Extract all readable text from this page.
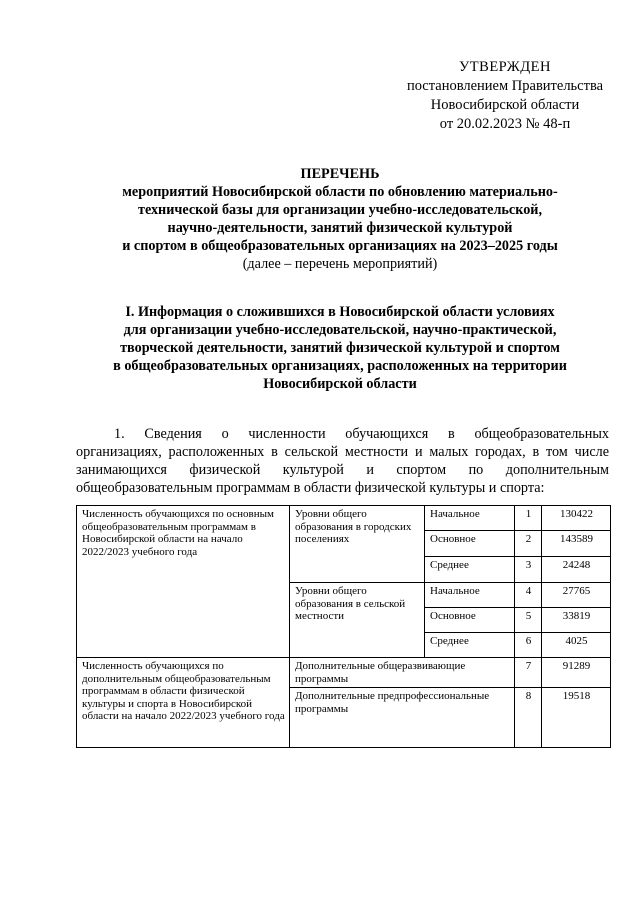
УТВЕРЖДЕН
постановлением Правительства
Новосибирской области
от 20.02.2023 № 48-п
ПЕРЕЧЕНЬ
мероприятий Новосибирской области по обновлению материально-
технической базы для организации учебно-исследовательской,
научно-деятельности, занятий физической культурой
и спортом в общеобразовательных организациях на 2023–2025 годы
(далее – перечень мероприятий)
I. Информация о сложившихся в Новосибирской области условиях
для организации учебно-исследовательской, научно-практической,
творческой деятельности, занятий физической культурой и спортом
в общеобразовательных организациях, расположенных на территории
Новосибирской области
1. Сведения о численности обучающихся в общеобразовательных
организациях, расположенных в сельской местности и малых городах, в том числе
занимающихся физической культурой и спортом по дополнительным
общеобразовательным программам в области физической культуры и спорта:
Численность обучающихся по основным общеобразовательным программам в Новосибирской области на начало 2022/2023 учебного года	Уровни общего образования в городских поселениях	Начальное	1	130422
		Основное	2	143589
		Среднее	3	24248
	Уровни общего образования в сельской местности	Начальное	4	27765
		Основное	5	33819
		Среднее	6	4025
Численность обучающихся по дополнительным общеобразовательным программам в области физической культуры и спорта в Новосибирской области на начало 2022/2023 учебного года	Дополнительные общеразвивающие программы		7	91289
	Дополнительные предпрофессиональные программы		8	19518
